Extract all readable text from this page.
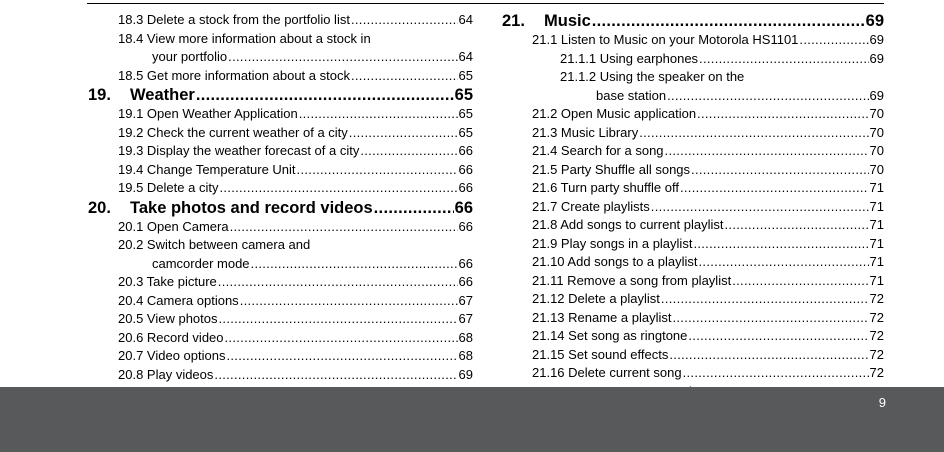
18.3 Delete a stock from the portfolio list .....	64
18.4 View more information about a stock in
your portfolio .....	64
18.5 Get more information about a stock .....	65
19. Weather .....	65
19.1 Open Weather Application .....	65
19.2 Check the current weather of a city .....	65
19.3 Display the weather forecast of a city .....	66
19.4 Change Temperature Unit .....	66
19.5 Delete a city .....	66
20. Take photos and record videos .....	66
20.1 Open Camera .....	66
20.2 Switch between camera and
camcorder mode .....	66
20.3 Take picture .....	66
20.4 Camera options .....	67
20.5 View photos .....	67
20.6 Record video .....	68
20.7 Video options .....	68
20.8 Play videos .....	69
21. Music .....	69
21.1 Listen to Music on your Motorola HS1101 .....	69
21.1.1 Using earphones .....	69
21.1.2 Using the speaker on the
base station .....	69
21.2 Open Music application .....	70
21.3 Music Library .....	70
21.4 Search for a song .....	70
21.5 Party Shuffle all songs .....	70
21.6 Turn party shuffle off .....	71
21.7 Create playlists .....	71
21.8 Add songs to current playlist .....	71
21.9 Play songs in a playlist .....	71
21.10 Add songs to a playlist .....	71
21.11 Remove a song from playlist .....	71
21.12 Delete a playlist .....	72
21.13 Rename a playlist .....	72
21.14 Set song as ringtone .....	72
21.15 Set sound effects .....	72
21.16 Delete current song .....	72
.....
9
